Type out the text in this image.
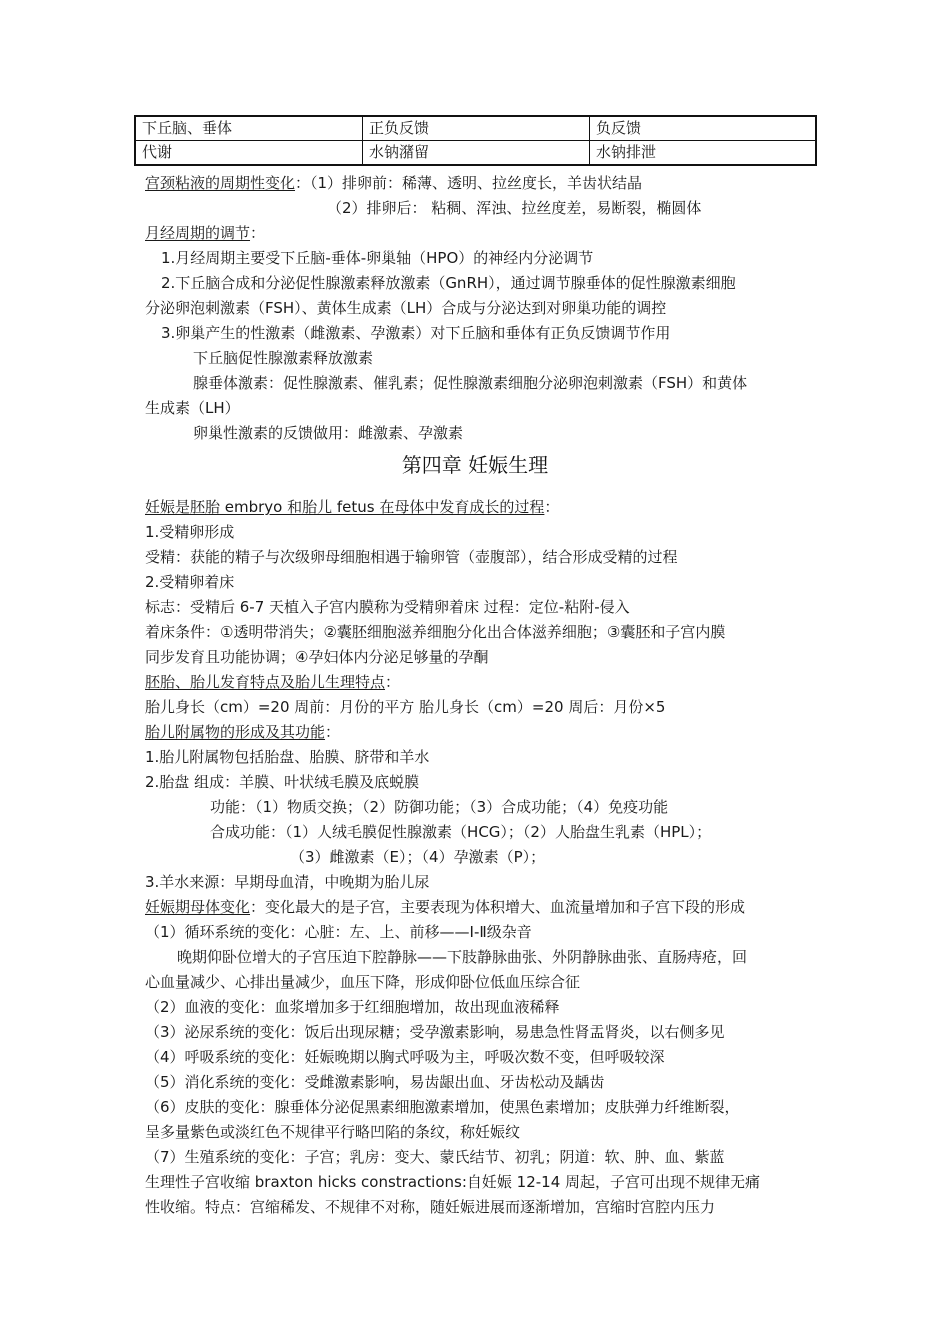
下丘脑、垂体	正负反馈	负反馈
代谢	水钠潴留	水钠排泄
宫颈粘液的周期性变化：（1）排卵前：稀薄、透明、拉丝度长，羊齿状结晶
（2）排卵后： 粘稠、浑浊、拉丝度差，易断裂，椭圆体
月经周期的调节：
1.月经周期主要受下丘脑-垂体-卵巢轴（HPO）的神经内分泌调节
2.下丘脑合成和分泌促性腺激素释放激素（GnRH），通过调节腺垂体的促性腺激素细胞
分泌卵泡刺激素（FSH）、黄体生成素（LH）合成与分泌达到对卵巢功能的调控
3.卵巢产生的性激素（雌激素、孕激素）对下丘脑和垂体有正负反馈调节作用
下丘脑促性腺激素释放激素
腺垂体激素：促性腺激素、催乳素；促性腺激素细胞分泌卵泡刺激素（FSH）和黄体
生成素（LH）
卵巢性激素的反馈做用：雌激素、孕激素
第四章 妊娠生理
妊娠是胚胎 embryo 和胎儿 fetus 在母体中发育成长的过程：
1.受精卵形成
受精：获能的精子与次级卵母细胞相遇于输卵管（壶腹部），结合形成受精的过程
2.受精卵着床
标志：受精后 6-7 天植入子宫内膜称为受精卵着床 过程：定位-粘附-侵入
着床条件：①透明带消失；②囊胚细胞滋养细胞分化出合体滋养细胞；③囊胚和子宫内膜
同步发育且功能协调；④孕妇体内分泌足够量的孕酮
胚胎、胎儿发育特点及胎儿生理特点：
胎儿身长（cm）=20 周前：月份的平方 胎儿身长（cm）=20 周后：月份×5
胎儿附属物的形成及其功能：
1.胎儿附属物包括胎盘、胎膜、脐带和羊水
2.胎盘 组成：羊膜、叶状绒毛膜及底蜕膜
功能：（1）物质交换；（2）防御功能；（3）合成功能；（4）免疫功能
合成功能：（1）人绒毛膜促性腺激素（HCG）；（2）人胎盘生乳素（HPL）；
（3）雌激素（E）；（4）孕激素（P）；
3.羊水来源：早期母血清，中晚期为胎儿尿
妊娠期母体变化：变化最大的是子宫，主要表现为体积增大、血流量增加和子宫下段的形成
（1）循环系统的变化：心脏：左、上、前移——Ⅰ-Ⅱ级杂音
晚期仰卧位增大的子宫压迫下腔静脉——下肢静脉曲张、外阴静脉曲张、直肠痔疮，回
心血量减少、心排出量减少，血压下降，形成仰卧位低血压综合征
（2）血液的变化：血浆增加多于红细胞增加，故出现血液稀释
（3）泌尿系统的变化：饭后出现尿糖；受孕激素影响，易患急性肾盂肾炎，以右侧多见
（4）呼吸系统的变化：妊娠晚期以胸式呼吸为主，呼吸次数不变，但呼吸较深
（5）消化系统的变化：受雌激素影响，易齿龈出血、牙齿松动及龋齿
（6）皮肤的变化：腺垂体分泌促黑素细胞激素增加，使黑色素增加；皮肤弹力纤维断裂，
呈多量紫色或淡红色不规律平行略凹陷的条纹，称妊娠纹
（7）生殖系统的变化：子宫；乳房：变大、蒙氏结节、初乳；阴道：软、肿、血、紫蓝
生理性子宫收缩 braxton hicks constractions:自妊娠 12-14 周起，子宫可出现不规律无痛
性收缩。特点：宫缩稀发、不规律不对称，随妊娠进展而逐渐增加，宫缩时宫腔内压力
